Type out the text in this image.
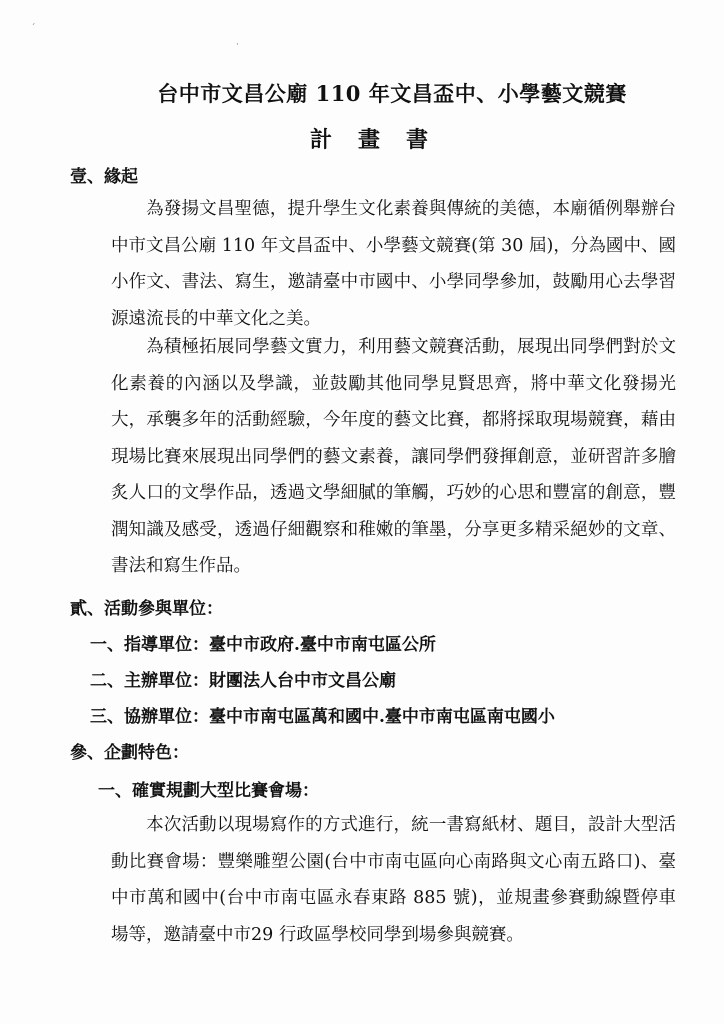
ˊ
·
台中市文昌公廟 110 年文昌盃中、小學藝文競賽
計畫書
壹、緣起
為發揚文昌聖德，提升學生文化素養與傳統的美德，本廟循例舉辦台中市文昌公廟 110 年文昌盃中、小學藝文競賽(第 30 屆)，分為國中、國小作文、書法、寫生，邀請臺中市國中、小學同學參加，鼓勵用心去學習源遠流長的中華文化之美。
為積極拓展同學藝文實力，利用藝文競賽活動，展現出同學們對於文化素養的內涵以及學識，並鼓勵其他同學見賢思齊，將中華文化發揚光大，承襲多年的活動經驗，今年度的藝文比賽，都將採取現場競賽，藉由現場比賽來展現出同學們的藝文素養，讓同學們發揮創意，並研習許多膾炙人口的文學作品，透過文學細膩的筆觸，巧妙的心思和豐富的創意，豐潤知識及感受，透過仔細觀察和稚嫩的筆墨，分享更多精采絕妙的文章、書法和寫生作品。
貳、活動參與單位：
一、指導單位：臺中市政府.臺中市南屯區公所
二、主辦單位：財團法人台中市文昌公廟
三、協辦單位：臺中市南屯區萬和國中.臺中市南屯區南屯國小
參、企劃特色：
一、確實規劃大型比賽會場：
本次活動以現場寫作的方式進行，統一書寫紙材、題目，設計大型活動比賽會場：豐樂雕塑公園(台中市南屯區向心南路與文心南五路口)、臺中市萬和國中(台中市南屯區永春東路 885 號)，並規畫參賽動線暨停車場等，邀請臺中市29 行政區學校同學到場參與競賽。
